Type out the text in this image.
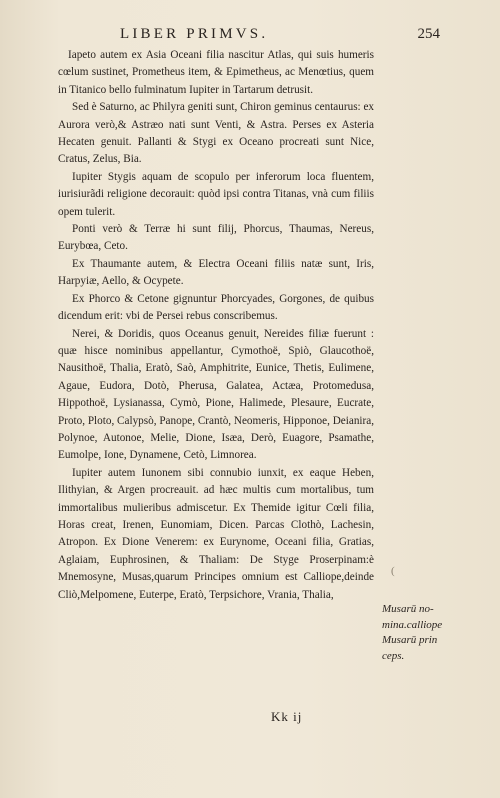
LIBER PRIMVS.	254

Iapeto autem ex Asia Oceani filia nascitur Atlas, qui suis humeris cœlum sustinet, Prometheus item, & Epimetheus, ac Menœtius, quem in Titanico bello fulminatum Iupiter in Tartarum detrusit.

Sed è Saturno, ac Philyra geniti sunt, Chiron geminus centaurus: ex Aurora verò,& Astræo nati sunt Venti, & Astra. Perses ex Asteria Hecaten genuit. Pallanti & Stygi ex Oceano procreati sunt Nice, Cratus, Zelus, Bia.

Iupiter Stygis aquam de scopulo per inferorum loca fluentem, iurisiurãdi religione decorauit: quòd ipsi contra Titanas, vnà cum filiis opem tulerit.

Ponti verò & Terræ hi sunt filij, Phorcus, Thaumas, Nereus, Eurybœa, Ceto.

Ex Thaumante autem, & Electra Oceani filiis natæ sunt, Iris, Harpyiæ, Aello, & Ocypete.

Ex Phorco & Cetone gignuntur Phorcyades, Gorgones, de quibus dicendum erit: vbi de Persei rebus conscribemus.

Nerei, & Doridis, quos Oceanus genuit, Nereides filiæ fuerunt : quæ hisce nominibus appellantur, Cymothoë, Spiò, Glaucothoë, Nausithoë, Thalia, Eratò, Saò, Amphitrite, Eunice, Thetis, Eulimene, Agaue, Eudora, Dotò, Pherusa, Galatea, Actæa, Protomedusa, Hippothoë, Lysianassa, Cymò, Pione, Halimede, Plesaure, Eucrate, Proto, Ploto, Calypsò, Panope, Crantò, Neomeris, Hipponoe, Deianira, Polynoe, Autonoe, Melie, Dione, Isæa, Derò, Euagore, Psamathe, Eumolpe, Ione, Dynamene, Cetò, Limnorea.

Iupiter autem Iunonem sibi connubio iunxit, ex eaque Heben, Ilithyian, & Argen procreauit. ad hæc multis cum mortalibus, tum immortalibus mulieribus admiscetur. Ex Themide igitur Cœli filia, Horas creat, Irenen, Eunomiam, Dicen. Parcas Clothò, Lachesin, Atropon. Ex Dione Venerem: ex Eurynome, Oceani filia, Gratias, Aglaiam, Euphrosinen, & Thaliam: De Styge Proserpinam:è Mnemosyne, Musas,quarum Principes omnium est Calliope,deinde Cliò,Melpomene, Euterpe, Eratò, Terpsichore, Vrania, Thalia,

(
Musarū no-
mina.calliope
Musarū prin
ceps.
Kk ij
